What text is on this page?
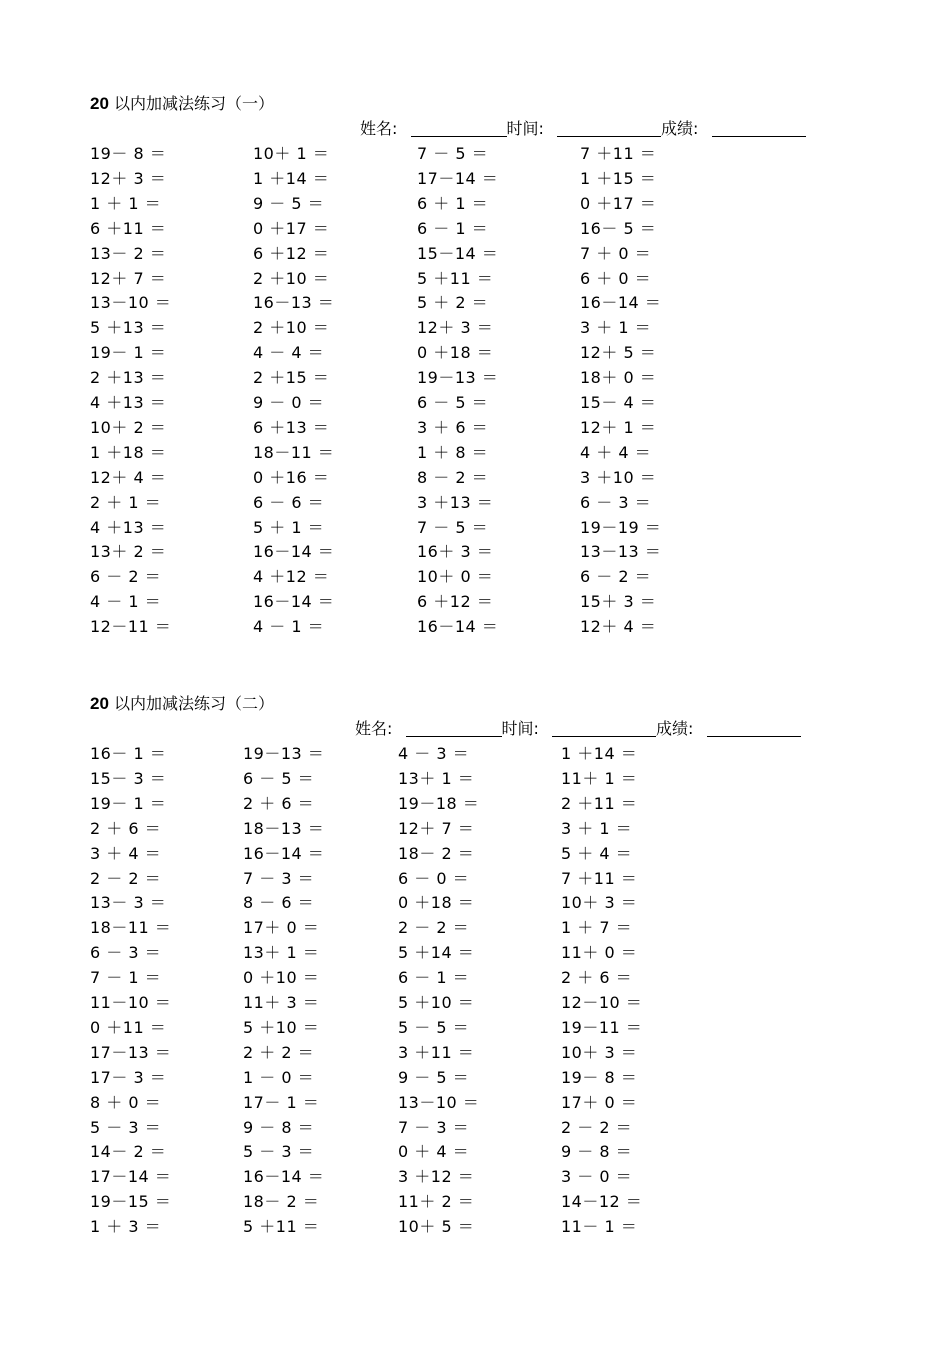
20 以内加减法练习（一）
姓名:	时间:	成绩:
19－ 8 ＝	10＋ 1 ＝	7 － 5 ＝	7 ＋11 ＝
12＋ 3 ＝	1 ＋14 ＝	17－14 ＝	1 ＋15 ＝
1 ＋ 1 ＝	9 － 5 ＝	6 ＋ 1 ＝	0 ＋17 ＝
6 ＋11 ＝	0 ＋17 ＝	6 － 1 ＝	16－ 5 ＝
13－ 2 ＝	6 ＋12 ＝	15－14 ＝	7 ＋ 0 ＝
12＋ 7 ＝	2 ＋10 ＝	5 ＋11 ＝	6 ＋ 0 ＝
13－10 ＝	16－13 ＝	5 ＋ 2 ＝	16－14 ＝
5 ＋13 ＝	2 ＋10 ＝	12＋ 3 ＝	3 ＋ 1 ＝
19－ 1 ＝	4 － 4 ＝	0 ＋18 ＝	12＋ 5 ＝
2 ＋13 ＝	2 ＋15 ＝	19－13 ＝	18＋ 0 ＝
4 ＋13 ＝	9 － 0 ＝	6 － 5 ＝	15－ 4 ＝
10＋ 2 ＝	6 ＋13 ＝	3 ＋ 6 ＝	12＋ 1 ＝
1 ＋18 ＝	18－11 ＝	1 ＋ 8 ＝	4 ＋ 4 ＝
12＋ 4 ＝	0 ＋16 ＝	8 － 2 ＝	3 ＋10 ＝
2 ＋ 1 ＝	6 － 6 ＝	3 ＋13 ＝	6 － 3 ＝
4 ＋13 ＝	5 ＋ 1 ＝	7 － 5 ＝	19－19 ＝
13＋ 2 ＝	16－14 ＝	16＋ 3 ＝	13－13 ＝
6 － 2 ＝	4 ＋12 ＝	10＋ 0 ＝	6 － 2 ＝
4 － 1 ＝	16－14 ＝	6 ＋12 ＝	15＋ 3 ＝
12－11 ＝	4 － 1 ＝	16－14 ＝	12＋ 4 ＝
20 以内加减法练习（二）
姓名:	时间:	成绩:
16－ 1 ＝	19－13 ＝	4 － 3 ＝	1 ＋14 ＝
15－ 3 ＝	6 － 5 ＝	13＋ 1 ＝	11＋ 1 ＝
19－ 1 ＝	2 ＋ 6 ＝	19－18 ＝	2 ＋11 ＝
2 ＋ 6 ＝	18－13 ＝	12＋ 7 ＝	3 ＋ 1 ＝
3 ＋ 4 ＝	16－14 ＝	18－ 2 ＝	5 ＋ 4 ＝
2 － 2 ＝	7 － 3 ＝	6 － 0 ＝	7 ＋11 ＝
13－ 3 ＝	8 － 6 ＝	0 ＋18 ＝	10＋ 3 ＝
18－11 ＝	17＋ 0 ＝	2 － 2 ＝	1 ＋ 7 ＝
6 － 3 ＝	13＋ 1 ＝	5 ＋14 ＝	11＋ 0 ＝
7 － 1 ＝	0 ＋10 ＝	6 － 1 ＝	2 ＋ 6 ＝
11－10 ＝	11＋ 3 ＝	5 ＋10 ＝	12－10 ＝
0 ＋11 ＝	5 ＋10 ＝	5 － 5 ＝	19－11 ＝
17－13 ＝	2 ＋ 2 ＝	3 ＋11 ＝	10＋ 3 ＝
17－ 3 ＝	1 － 0 ＝	9 － 5 ＝	19－ 8 ＝
8 ＋ 0 ＝	17－ 1 ＝	13－10 ＝	17＋ 0 ＝
5 － 3 ＝	9 － 8 ＝	7 － 3 ＝	2 － 2 ＝
14－ 2 ＝	5 － 3 ＝	0 ＋ 4 ＝	9 － 8 ＝
17－14 ＝	16－14 ＝	3 ＋12 ＝	3 － 0 ＝
19－15 ＝	18－ 2 ＝	11＋ 2 ＝	14－12 ＝
1 ＋ 3 ＝	5 ＋11 ＝	10＋ 5 ＝	11－ 1 ＝
